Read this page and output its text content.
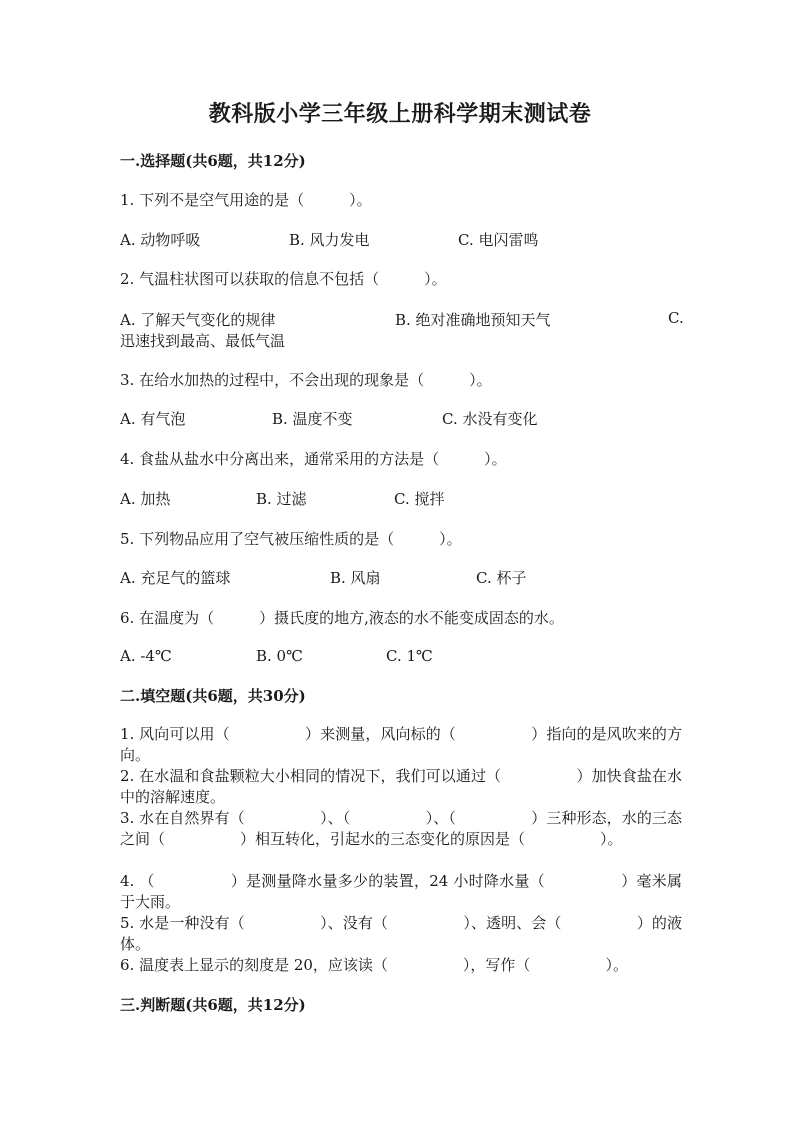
教科版小学三年级上册科学期末测试卷
一.选择题(共6题，共12分)
1. 下列不是空气用途的是（　　　）。
A. 动物呼吸	B. 风力发电	C. 电闪雷鸣
2. 气温柱状图可以获取的信息不包括（　　　）。
A. 了解天气变化的规律	B. 绝对准确地预知天气	C.
迅速找到最高、最低气温
3. 在给水加热的过程中，不会出现的现象是（　　　）。
A. 有气泡	B. 温度不变	C. 水没有变化
4. 食盐从盐水中分离出来，通常采用的方法是（　　　）。
A. 加热	B. 过滤	C. 搅拌
5. 下列物品应用了空气被压缩性质的是（　　　）。
A. 充足气的篮球	B. 风扇	C. 杯子
6. 在温度为（　　　）摄氏度的地方,液态的水不能变成固态的水。
A. -4℃	B. 0℃	C. 1℃
二.填空题(共6题，共30分)
1. 风向可以用（　　　　　）来测量，风向标的（　　　　　）指向的是风吹来的方向。
2. 在水温和食盐颗粒大小相同的情况下，我们可以通过（　　　　　）加快食盐在水中的溶解速度。
3. 水在自然界有（　　　　　）、（　　　　　）、（　　　　　）三种形态，水的三态之间（　　　　　）相互转化，引起水的三态变化的原因是（　　　　　）。
4. （　　　　　）是测量降水量多少的装置，24 小时降水量（　　　　　）毫米属于大雨。
5. 水是一种没有（　　　　　）、没有（　　　　　）、透明、会（　　　　　）的液体。
6. 温度表上显示的刻度是 20，应该读（　　　　　），写作（　　　　　）。
三.判断题(共6题，共12分)
